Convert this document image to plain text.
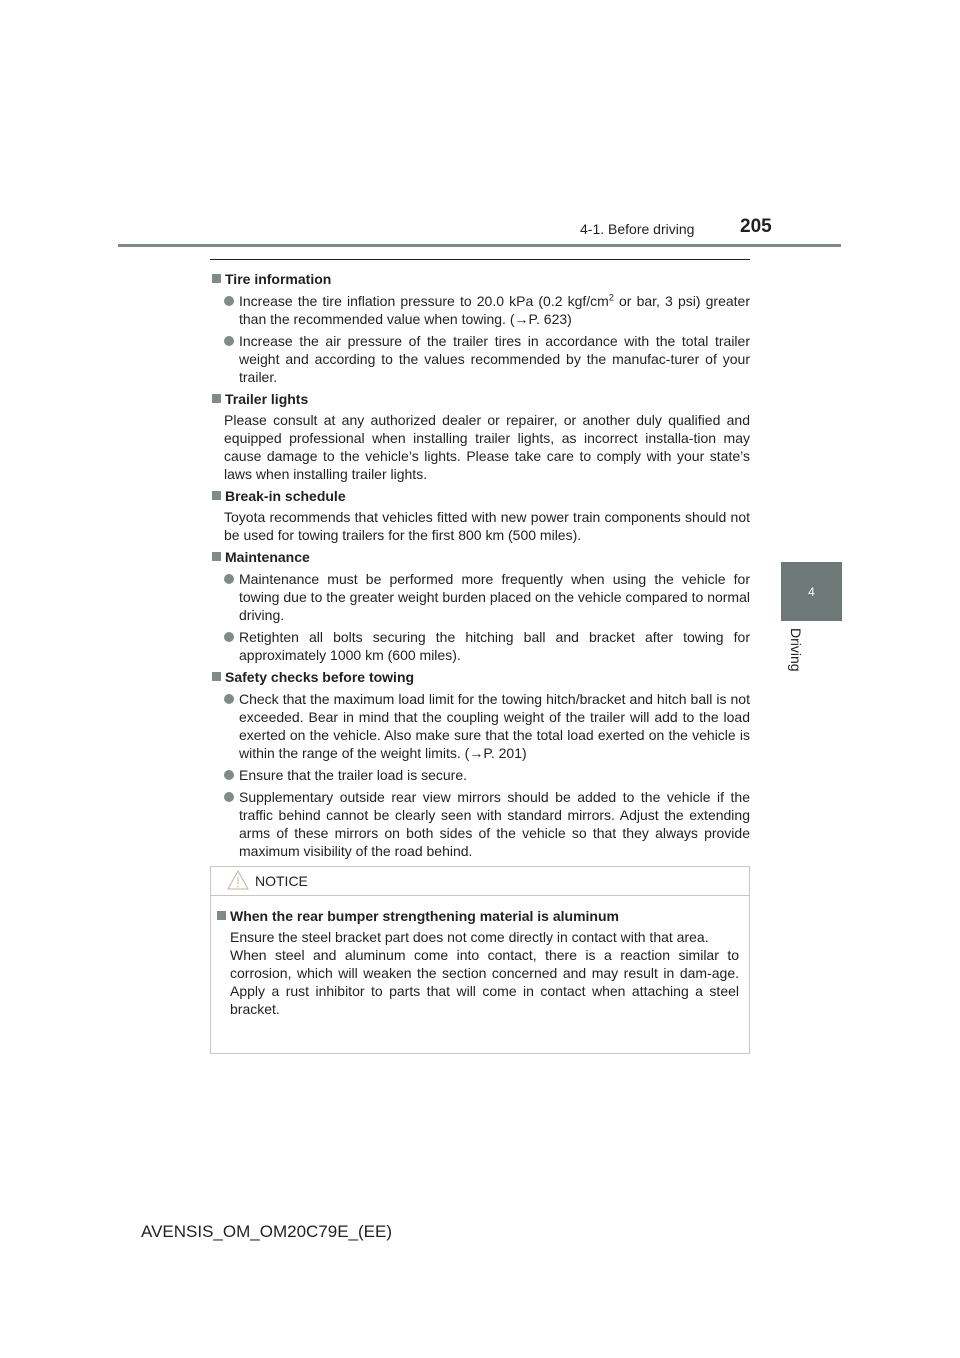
4-1. Before driving 205
4
Driving
Tire information
Increase the tire inflation pressure to 20.0 kPa (0.2 kgf/$cm^2$ or bar, 3 psi) greater than the recommended value when towing. (→P. 623)
Increase the air pressure of the trailer tires in accordance with the total trailer weight and according to the values recommended by the manufac-turer of your trailer.
Trailer lights
Please consult at any authorized dealer or repairer, or another duly qualified and equipped professional when installing trailer lights, as incorrect installa-tion may cause damage to the vehicle’s lights. Please take care to comply with your state’s laws when installing trailer lights.
Break-in schedule
Toyota recommends that vehicles fitted with new power train components should not be used for towing trailers for the first 800 km (500 miles).
Maintenance
Maintenance must be performed more frequently when using the vehicle for towing due to the greater weight burden placed on the vehicle compared to normal driving.
Retighten all bolts securing the hitching ball and bracket after towing for approximately 1000 km (600 miles).
Safety checks before towing
Check that the maximum load limit for the towing hitch/bracket and hitch ball is not exceeded. Bear in mind that the coupling weight of the trailer will add to the load exerted on the vehicle. Also make sure that the total load exerted on the vehicle is within the range of the weight limits. (→P. 201)
Ensure that the trailer load is secure.
Supplementary outside rear view mirrors should be added to the vehicle if the traffic behind cannot be clearly seen with standard mirrors. Adjust the extending arms of these mirrors on both sides of the vehicle so that they always provide maximum visibility of the road behind.
NOTICE
When the rear bumper strengthening material is aluminum
Ensure the steel bracket part does not come directly in contact with that area.
When steel and aluminum come into contact, there is a reaction similar to corrosion, which will weaken the section concerned and may result in dam-age. Apply a rust inhibitor to parts that will come in contact when attaching a steel bracket.
AVENSIS_OM_OM20C79E_(EE)
